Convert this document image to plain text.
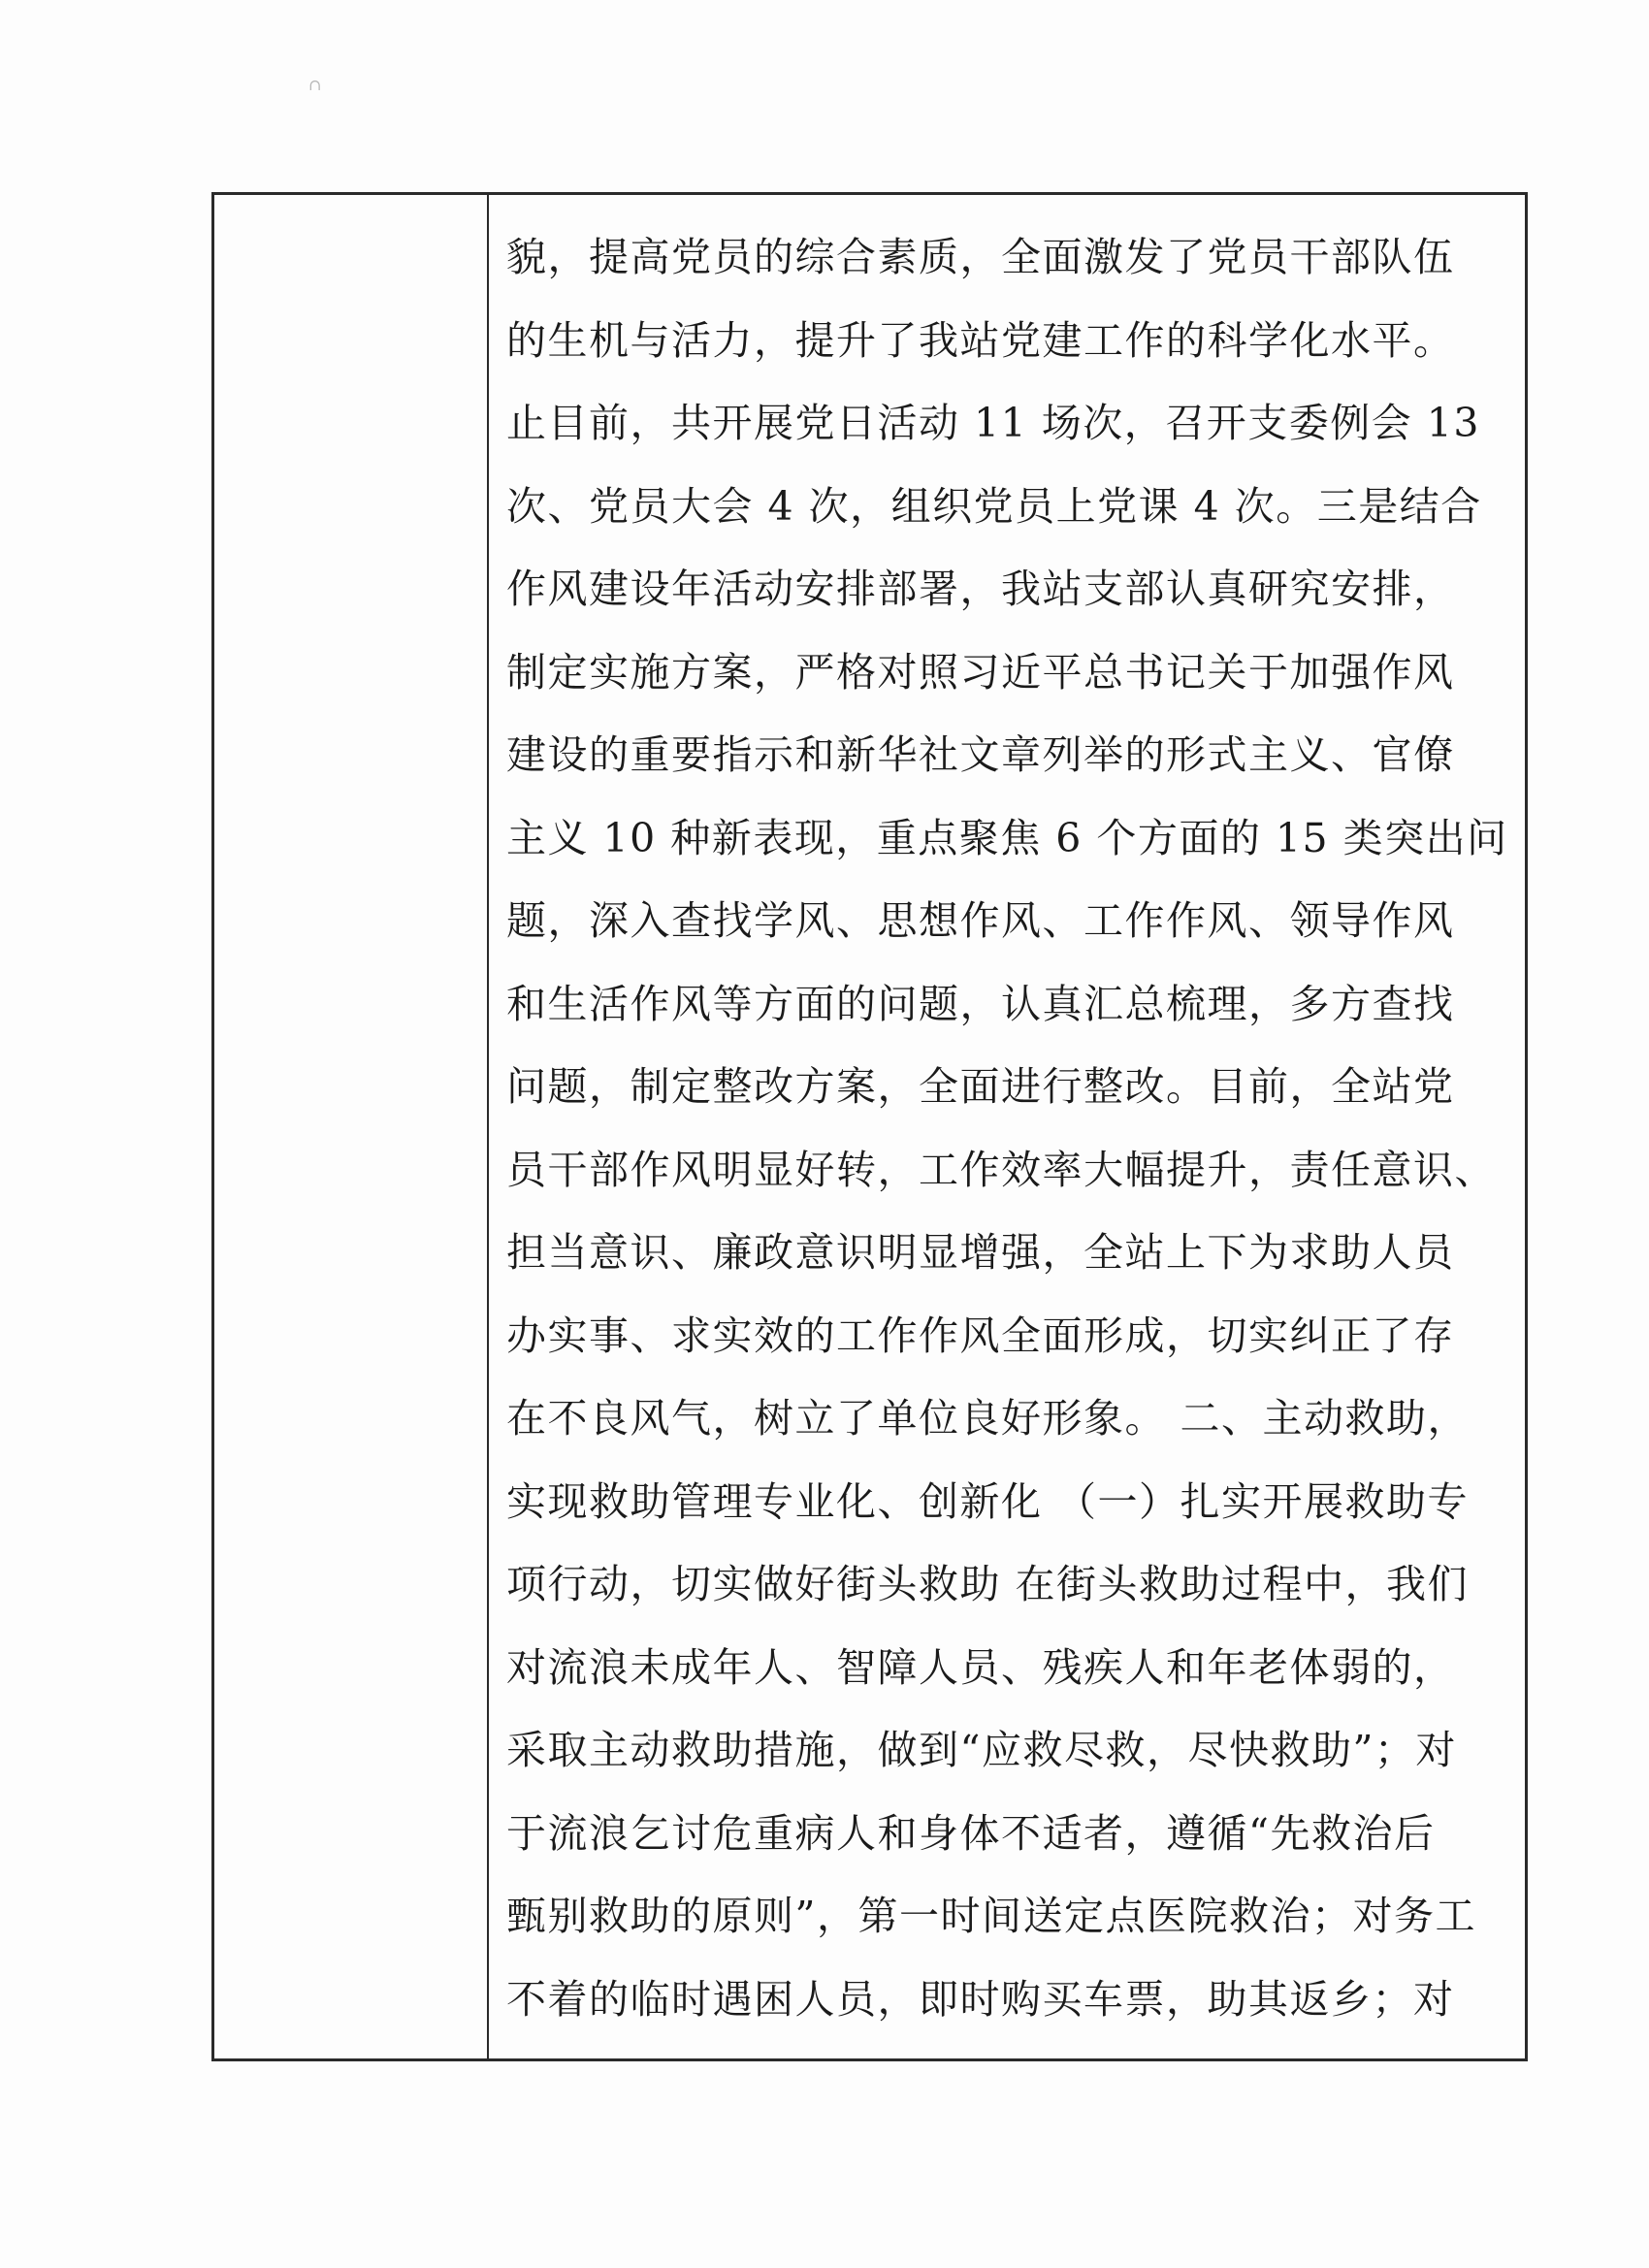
∩
貌，提高党员的综合素质，全面激发了党员干部队伍
的生机与活力，提升了我站党建工作的科学化水平。
止目前，共开展党日活动 11 场次，召开支委例会 13
次、党员大会 4 次，组织党员上党课 4 次。三是结合
作风建设年活动安排部署，我站支部认真研究安排，
制定实施方案，严格对照习近平总书记关于加强作风
建设的重要指示和新华社文章列举的形式主义、官僚
主义 10 种新表现，重点聚焦 6 个方面的 15 类突出问
题，深入查找学风、思想作风、工作作风、领导作风
和生活作风等方面的问题，认真汇总梳理，多方查找
问题，制定整改方案，全面进行整改。目前，全站党
员干部作风明显好转，工作效率大幅提升，责任意识、
担当意识、廉政意识明显增强，全站上下为求助人员
办实事、求实效的工作作风全面形成，切实纠正了存
在不良风气，树立了单位良好形象。 二、主动救助，
实现救助管理专业化、创新化 （一）扎实开展救助专
项行动，切实做好街头救助 在街头救助过程中，我们
对流浪未成年人、智障人员、残疾人和年老体弱的，
采取主动救助措施，做到“应救尽救，尽快救助”；对
于流浪乞讨危重病人和身体不适者，遵循“先救治后
甄别救助的原则”，第一时间送定点医院救治；对务工
不着的临时遇困人员，即时购买车票，助其返乡；对
